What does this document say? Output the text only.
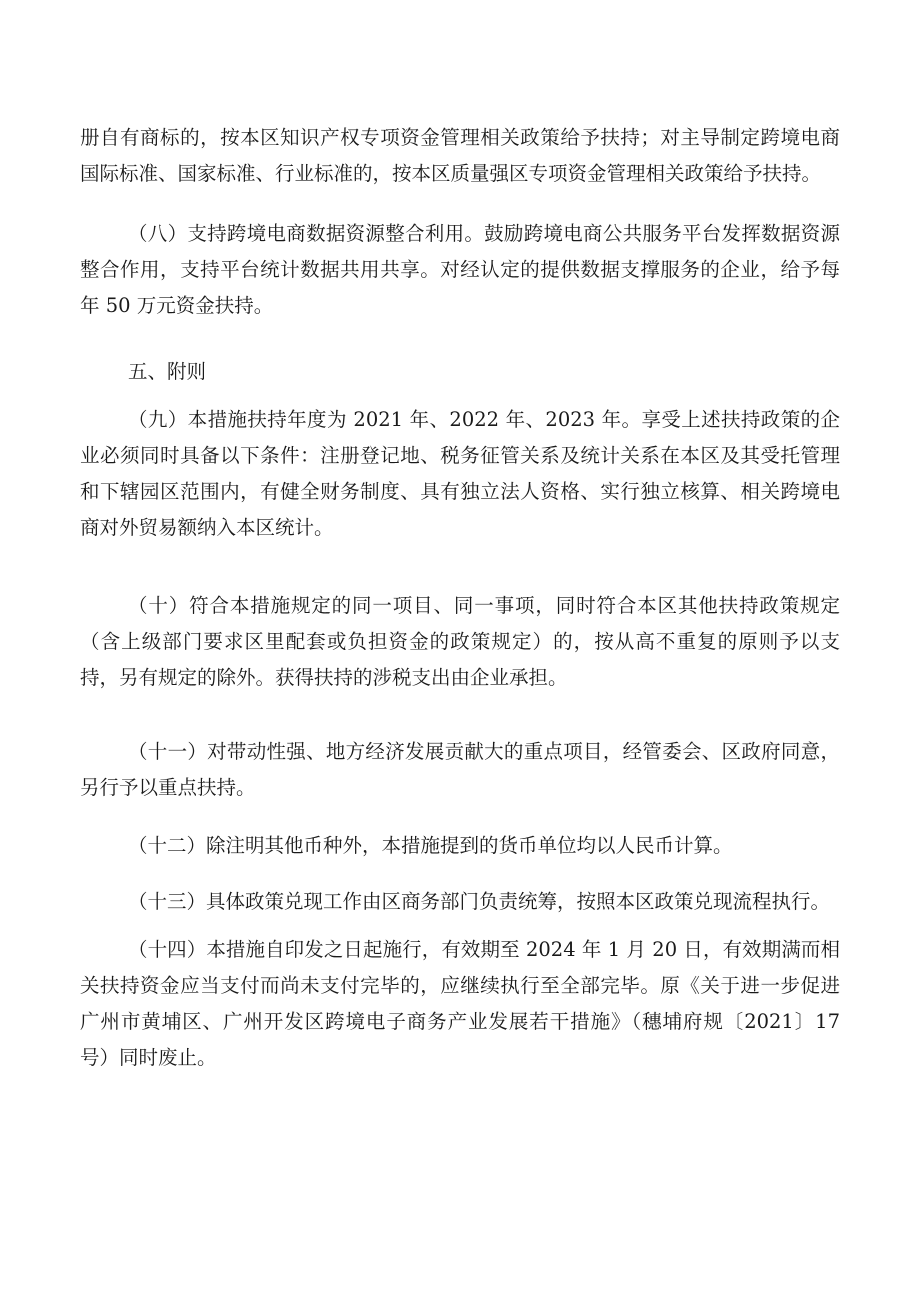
册自有商标的，按本区知识产权专项资金管理相关政策给予扶持；对主导制定跨境电商国际标准、国家标准、行业标准的，按本区质量强区专项资金管理相关政策给予扶持。

（八）支持跨境电商数据资源整合利用。鼓励跨境电商公共服务平台发挥数据资源整合作用，支持平台统计数据共用共享。对经认定的提供数据支撑服务的企业，给予每年 50 万元资金扶持。

五、附则

（九）本措施扶持年度为 2021 年、2022 年、2023 年。享受上述扶持政策的企业必须同时具备以下条件：注册登记地、税务征管关系及统计关系在本区及其受托管理和下辖园区范围内，有健全财务制度、具有独立法人资格、实行独立核算、相关跨境电商对外贸易额纳入本区统计。

（十）符合本措施规定的同一项目、同一事项，同时符合本区其他扶持政策规定（含上级部门要求区里配套或负担资金的政策规定）的，按从高不重复的原则予以支持，另有规定的除外。获得扶持的涉税支出由企业承担。

（十一）对带动性强、地方经济发展贡献大的重点项目，经管委会、区政府同意，另行予以重点扶持。

（十二）除注明其他币种外，本措施提到的货币单位均以人民币计算。

（十三）具体政策兑现工作由区商务部门负责统筹，按照本区政策兑现流程执行。

（十四）本措施自印发之日起施行，有效期至 2024 年 1 月 20 日，有效期满而相关扶持资金应当支付而尚未支付完毕的，应继续执行至全部完毕。原《关于进一步促进广州市黄埔区、广州开发区跨境电子商务产业发展若干措施》（穗埔府规〔2021〕17 号）同时废止。
